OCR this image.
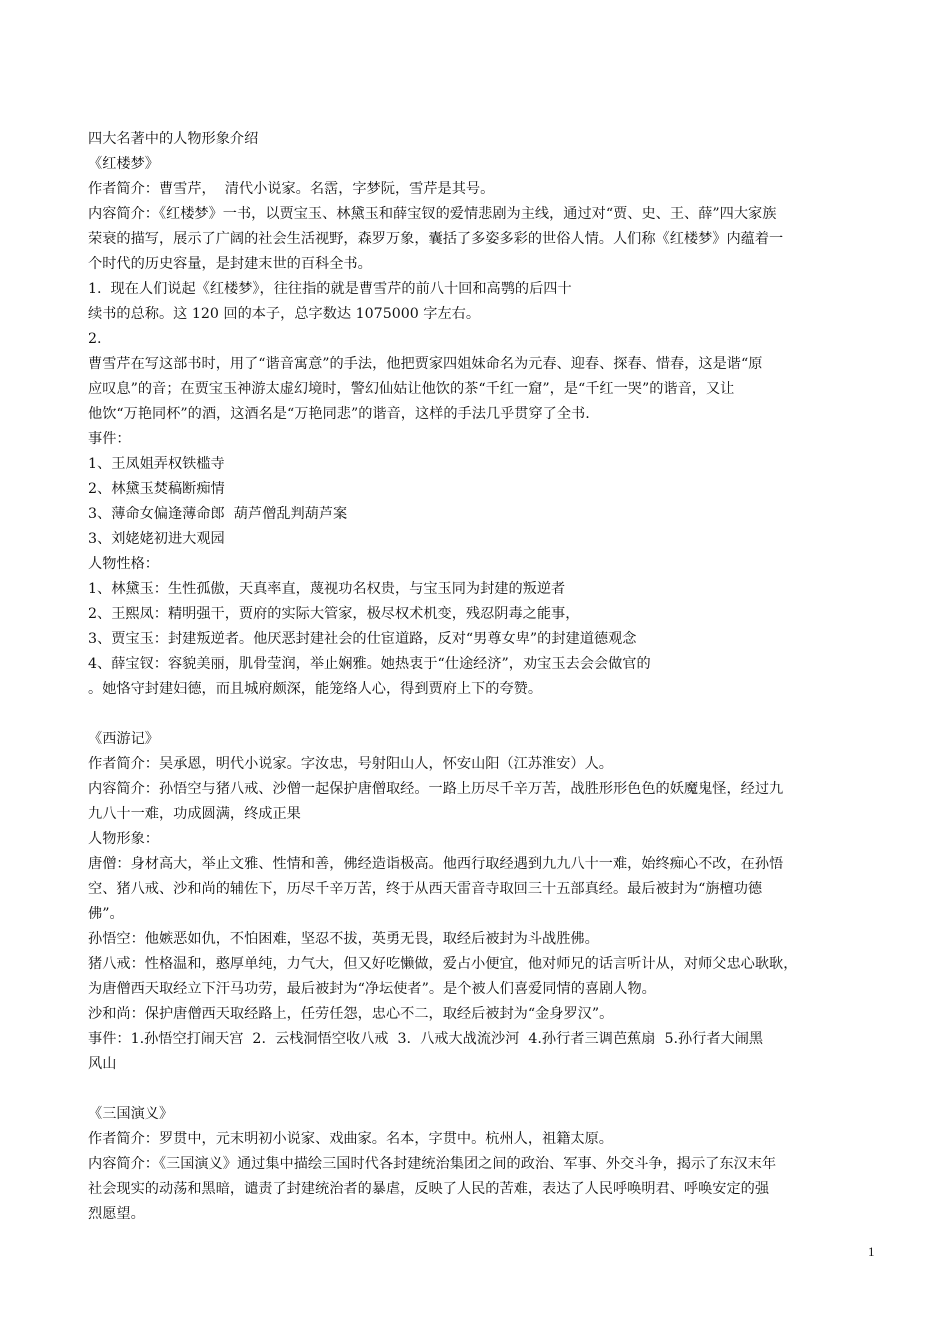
四大名著中的人物形象介绍

《红楼梦》

作者简介：曹雪芹，  清代小说家。名霑，字梦阮，雪芹是其号。

内容简介：《红楼梦》一书，以贾宝玉、林黛玉和薛宝钗的爱情悲剧为主线，通过对“贾、史、王、薛”四大家族

荣衰的描写，展示了广阔的社会生活视野，森罗万象，囊括了多姿多彩的世俗人情。人们称《红楼梦》内蕴着一

个时代的历史容量，是封建末世的百科全书。

1.  现在人们说起《红楼梦》，往往指的就是曹雪芹的前八十回和高鹗的后四十

续书的总称。这 120 回的本子，总字数达 1075000 字左右。

2.

曹雪芹在写这部书时，用了“谐音寓意”的手法，他把贾家四姐妹命名为元春、迎春、探春、惜春，这是谐“原

应叹息”的音；在贾宝玉神游太虚幻境时，警幻仙姑让他饮的茶“千红一窟”，是“千红一哭”的谐音，又让

他饮“万艳同杯”的酒，这酒名是“万艳同悲”的谐音，这样的手法几乎贯穿了全书.

事件：

1、王凤姐弄权铁槛寺

2、林黛玉焚稿断痴情

3、薄命女偏逢薄命郎  葫芦僧乱判葫芦案

3、刘姥姥初进大观园

人物性格：

1、林黛玉：生性孤傲，天真率直，蔑视功名权贵，与宝玉同为封建的叛逆者

2、王熙凤：精明强干，贾府的实际大管家，极尽权术机变，残忍阴毒之能事，

3、贾宝玉：封建叛逆者。他厌恶封建社会的仕宦道路，反对“男尊女卑”的封建道德观念

4、薛宝钗：容貌美丽，肌骨莹润，举止娴雅。她热衷于“仕途经济”，劝宝玉去会会做官的

。她恪守封建妇德，而且城府颇深，能笼络人心，得到贾府上下的夸赞。

《西游记》

作者简介：吴承恩，明代小说家。字汝忠，号射阳山人，怀安山阳（江苏淮安）人。

内容简介：孙悟空与猪八戒、沙僧一起保护唐僧取经。一路上历尽千辛万苦，战胜形形色色的妖魔鬼怪，经过九

九八十一难，功成圆满，终成正果

人物形象：

唐僧：身材高大，举止文雅、性情和善，佛经造诣极高。他西行取经遇到九九八十一难，始终痴心不改，在孙悟

空、猪八戒、沙和尚的辅佐下，历尽千辛万苦，终于从西天雷音寺取回三十五部真经。最后被封为“旃檀功德

佛”。

孙悟空：他嫉恶如仇，不怕困难，坚忍不拔，英勇无畏，取经后被封为斗战胜佛。

猪八戒：性格温和，憨厚单纯，力气大，但又好吃懒做，爱占小便宜，他对师兄的话言听计从，对师父忠心耿耿，

为唐僧西天取经立下汗马功劳，最后被封为“净坛使者”。是个被人们喜爱同情的喜剧人物。

沙和尚：保护唐僧西天取经路上，任劳任怨，忠心不二，取经后被封为“金身罗汉”。

事件：1.孙悟空打闹天宫  2.  云栈洞悟空收八戒  3.  八戒大战流沙河  4.孙行者三调芭蕉扇  5.孙行者大闹黑

风山

《三国演义》

作者简介：罗贯中，元末明初小说家、戏曲家。名本，字贯中。杭州人，祖籍太原。

内容简介：《三国演义》通过集中描绘三国时代各封建统治集团之间的政治、军事、外交斗争，揭示了东汉末年

社会现实的动荡和黑暗，谴责了封建统治者的暴虐，反映了人民的苦难，表达了人民呼唤明君、呼唤安定的强

烈愿望。

1
